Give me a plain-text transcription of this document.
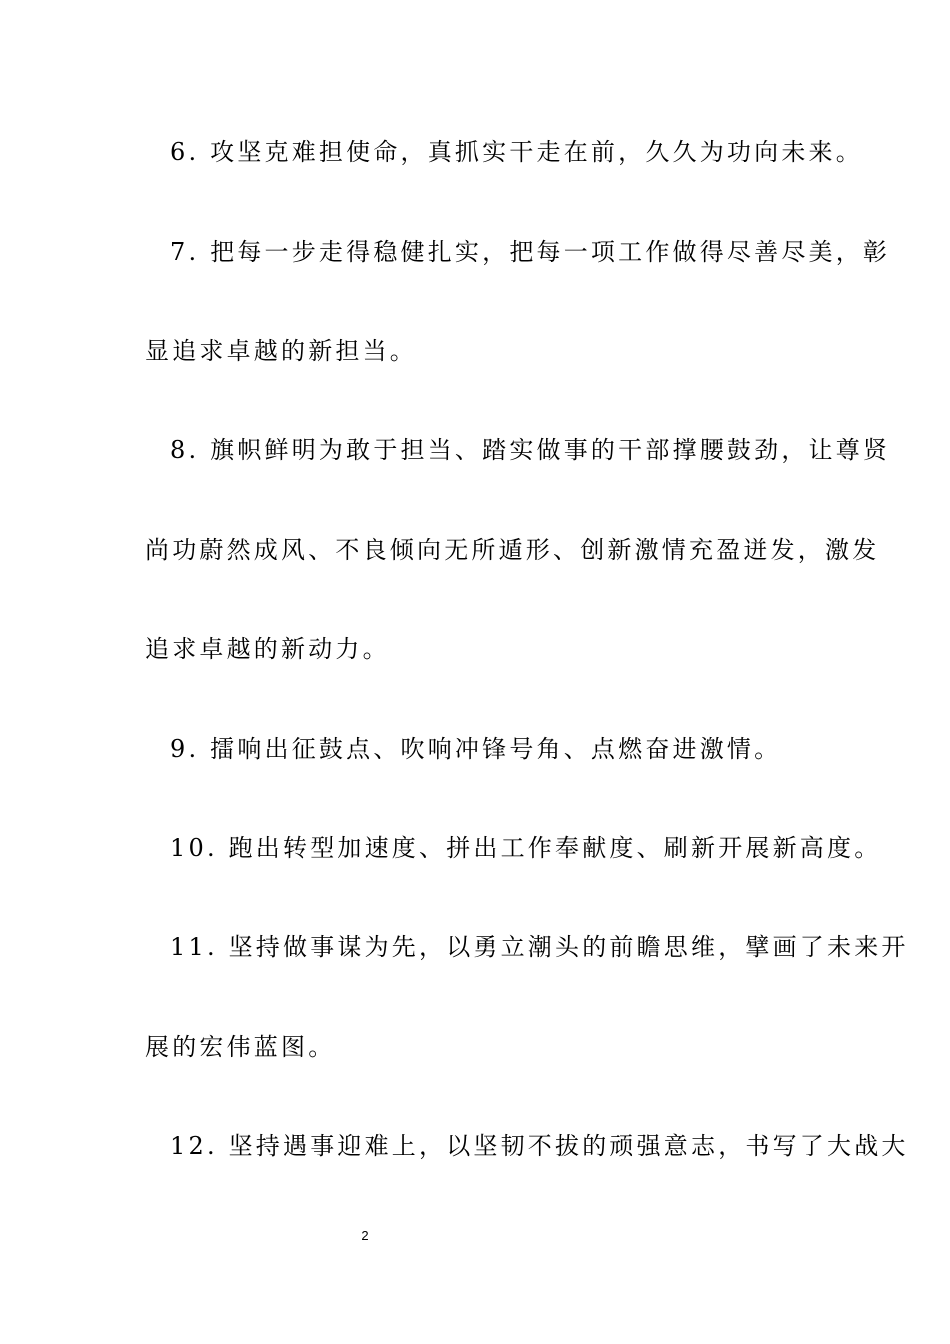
6. 攻坚克难担使命，真抓实干走在前，久久为功向未来。
7. 把每一步走得稳健扎实，把每一项工作做得尽善尽美，彰
显追求卓越的新担当。
8. 旗帜鲜明为敢于担当、踏实做事的干部撑腰鼓劲，让尊贤
尚功蔚然成风、不良倾向无所遁形、创新激情充盈迸发，激发
追求卓越的新动力。
9. 擂响出征鼓点、吹响冲锋号角、点燃奋进激情。
10. 跑出转型加速度、拼出工作奉献度、刷新开展新高度。
11. 坚持做事谋为先，以勇立潮头的前瞻思维，擘画了未来开
展的宏伟蓝图。
12. 坚持遇事迎难上，以坚韧不拔的顽强意志，书写了大战大
2
